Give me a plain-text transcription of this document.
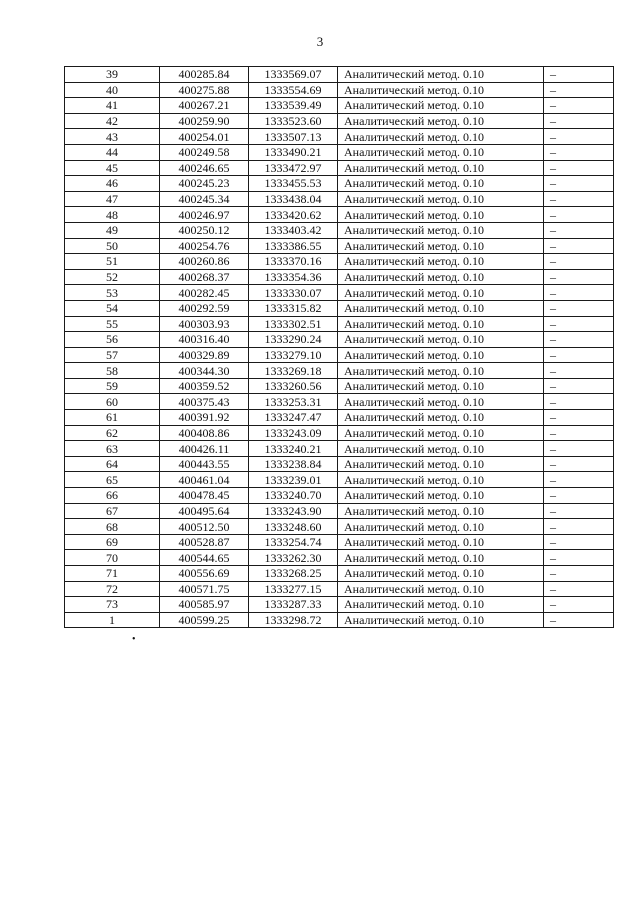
3
39	400285.84	1333569.07	Аналитический метод. 0.10	–
40	400275.88	1333554.69	Аналитический метод. 0.10	–
41	400267.21	1333539.49	Аналитический метод. 0.10	–
42	400259.90	1333523.60	Аналитический метод. 0.10	–
43	400254.01	1333507.13	Аналитический метод. 0.10	–
44	400249.58	1333490.21	Аналитический метод. 0.10	–
45	400246.65	1333472.97	Аналитический метод. 0.10	–
46	400245.23	1333455.53	Аналитический метод. 0.10	–
47	400245.34	1333438.04	Аналитический метод. 0.10	–
48	400246.97	1333420.62	Аналитический метод. 0.10	–
49	400250.12	1333403.42	Аналитический метод. 0.10	–
50	400254.76	1333386.55	Аналитический метод. 0.10	–
51	400260.86	1333370.16	Аналитический метод. 0.10	–
52	400268.37	1333354.36	Аналитический метод. 0.10	–
53	400282.45	1333330.07	Аналитический метод. 0.10	–
54	400292.59	1333315.82	Аналитический метод. 0.10	–
55	400303.93	1333302.51	Аналитический метод. 0.10	–
56	400316.40	1333290.24	Аналитический метод. 0.10	–
57	400329.89	1333279.10	Аналитический метод. 0.10	–
58	400344.30	1333269.18	Аналитический метод. 0.10	–
59	400359.52	1333260.56	Аналитический метод. 0.10	–
60	400375.43	1333253.31	Аналитический метод. 0.10	–
61	400391.92	1333247.47	Аналитический метод. 0.10	–
62	400408.86	1333243.09	Аналитический метод. 0.10	–
63	400426.11	1333240.21	Аналитический метод. 0.10	–
64	400443.55	1333238.84	Аналитический метод. 0.10	–
65	400461.04	1333239.01	Аналитический метод. 0.10	–
66	400478.45	1333240.70	Аналитический метод. 0.10	–
67	400495.64	1333243.90	Аналитический метод. 0.10	–
68	400512.50	1333248.60	Аналитический метод. 0.10	–
69	400528.87	1333254.74	Аналитический метод. 0.10	–
70	400544.65	1333262.30	Аналитический метод. 0.10	–
71	400556.69	1333268.25	Аналитический метод. 0.10	–
72	400571.75	1333277.15	Аналитический метод. 0.10	–
73	400585.97	1333287.33	Аналитический метод. 0.10	–
1	400599.25	1333298.72	Аналитический метод. 0.10	–
•
